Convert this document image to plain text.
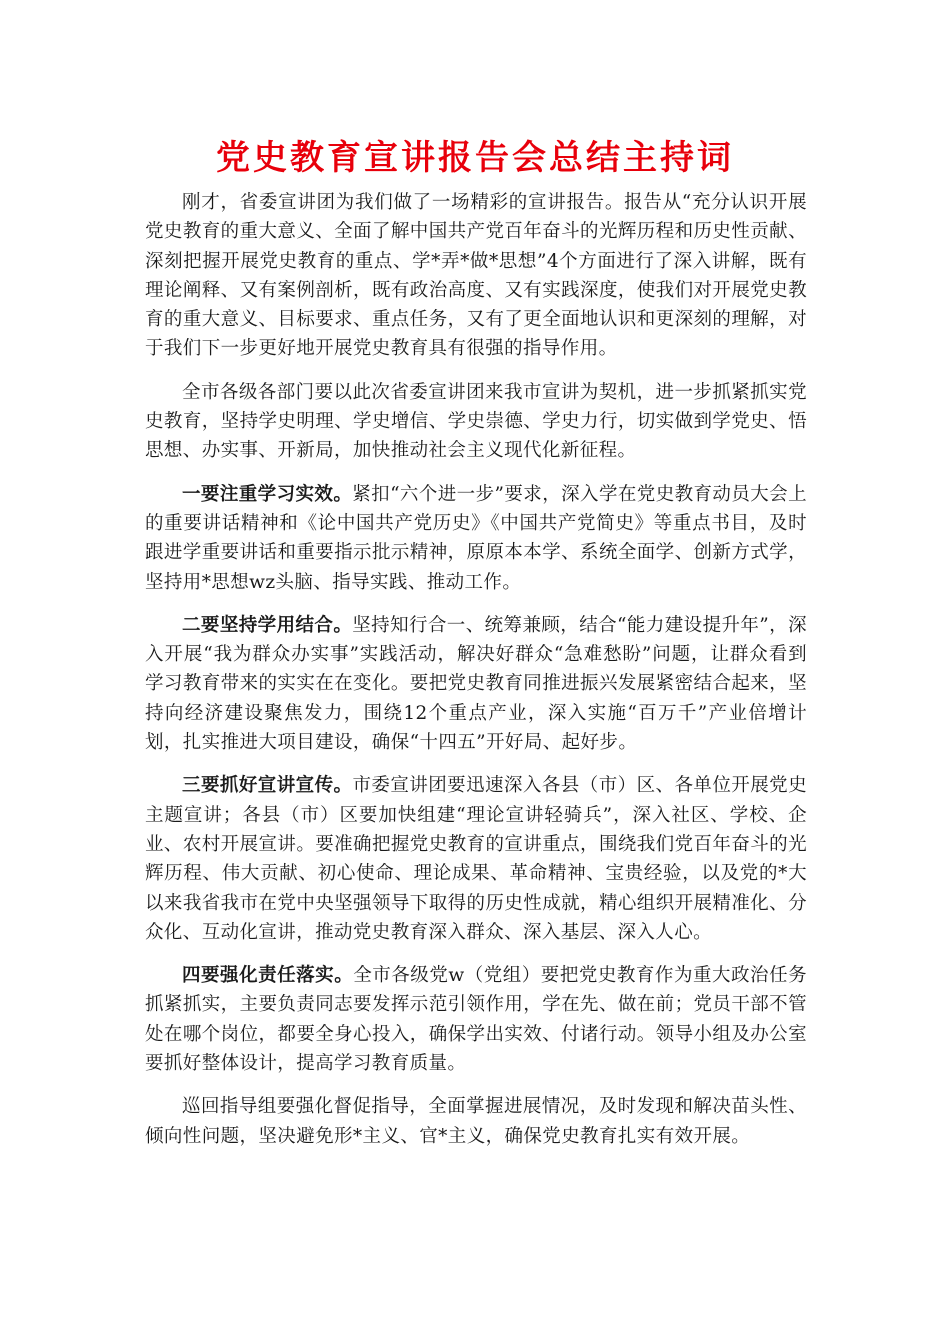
党史教育宣讲报告会总结主持词

刚才，省委宣讲团为我们做了一场精彩的宣讲报告。报告从“充分认识开展党史教育的重大意义、全面了解中国共产党百年奋斗的光辉历程和历史性贡献、深刻把握开展党史教育的重点、学*弄*做*思想”4个方面进行了深入讲解，既有理论阐释、又有案例剖析，既有政治高度、又有实践深度，使我们对开展党史教育的重大意义、目标要求、重点任务，又有了更全面地认识和更深刻的理解，对于我们下一步更好地开展党史教育具有很强的指导作用。

全市各级各部门要以此次省委宣讲团来我市宣讲为契机，进一步抓紧抓实党史教育，坚持学史明理、学史增信、学史崇德、学史力行，切实做到学党史、悟思想、办实事、开新局，加快推动社会主义现代化新征程。

一要注重学习实效。紧扣“六个进一步”要求，深入学在党史教育动员大会上的重要讲话精神和《论中国共产党历史》《中国共产党简史》等重点书目，及时跟进学重要讲话和重要指示批示精神，原原本本学、系统全面学、创新方式学，坚持用*思想wz头脑、指导实践、推动工作。

二要坚持学用结合。坚持知行合一、统筹兼顾，结合“能力建设提升年”，深入开展“我为群众办实事”实践活动，解决好群众“急难愁盼”问题，让群众看到学习教育带来的实实在在变化。要把党史教育同推进振兴发展紧密结合起来，坚持向经济建设聚焦发力，围绕12个重点产业，深入实施“百万千”产业倍增计划，扎实推进大项目建设，确保“十四五”开好局、起好步。

三要抓好宣讲宣传。市委宣讲团要迅速深入各县（市）区、各单位开展党史主题宣讲；各县（市）区要加快组建“理论宣讲轻骑兵”，深入社区、学校、企业、农村开展宣讲。要准确把握党史教育的宣讲重点，围绕我们党百年奋斗的光辉历程、伟大贡献、初心使命、理论成果、革命精神、宝贵经验，以及党的*大以来我省我市在党中央坚强领导下取得的历史性成就，精心组织开展精准化、分众化、互动化宣讲，推动党史教育深入群众、深入基层、深入人心。

四要强化责任落实。全市各级党w（党组）要把党史教育作为重大政治任务抓紧抓实，主要负责同志要发挥示范引领作用，学在先、做在前；党员干部不管处在哪个岗位，都要全身心投入，确保学出实效、付诸行动。领导小组及办公室要抓好整体设计，提高学习教育质量。

巡回指导组要强化督促指导，全面掌握进展情况，及时发现和解决苗头性、倾向性问题，坚决避免形*主义、官*主义，确保党史教育扎实有效开展。
